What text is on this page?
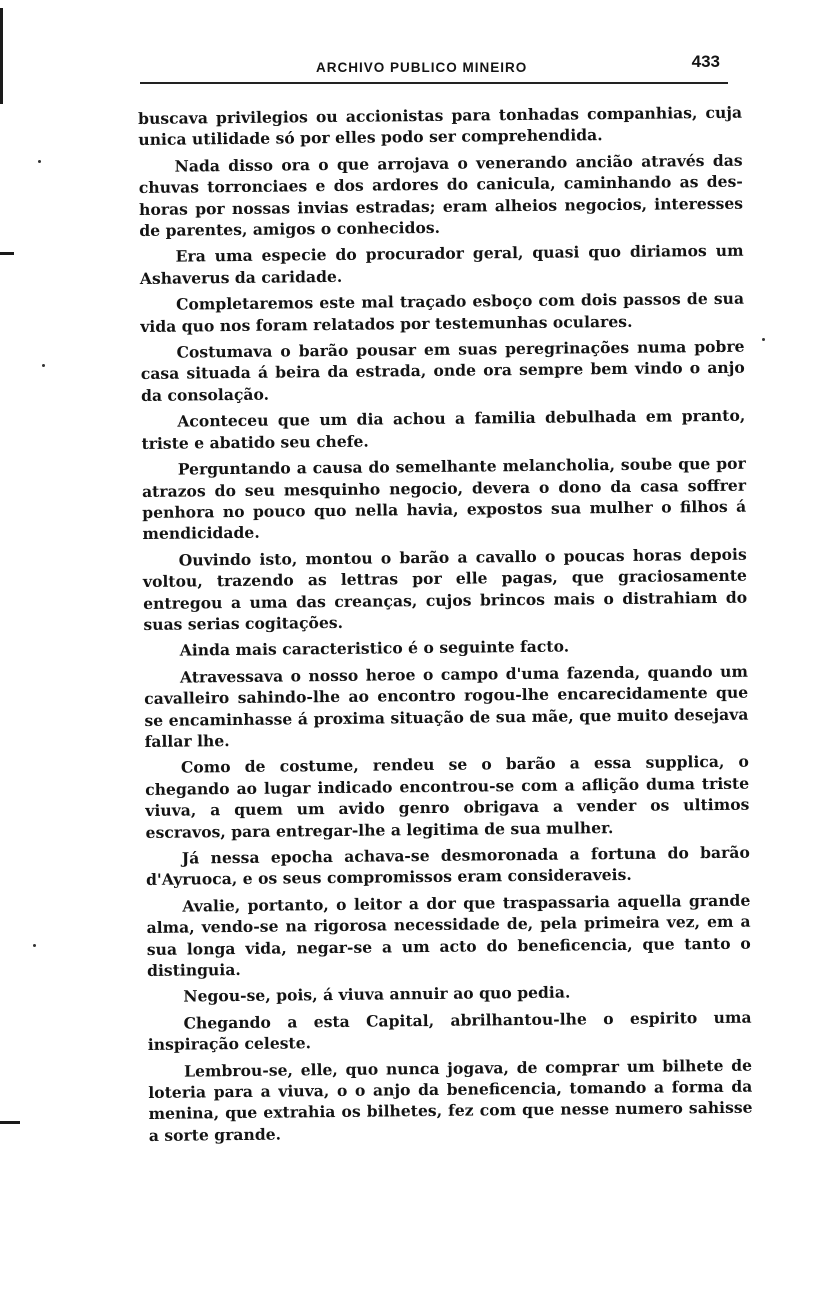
ARCHIVO PUBLICO MINEIRO	433

buscava privilegios ou accionistas para tonhadas companhias, cuja unica utilidade só por elles podo ser comprehendida.

Nada disso ora o que arrojava o venerando ancião através das chuvas torronciaes e dos ardores do canicula, caminhando as des-horas por nossas invias estradas; eram alheios negocios, interesses de parentes, amigos o conhecidos.

Era uma especie do procurador geral, quasi quo diriamos um Ashaverus da caridade.

Completaremos este mal traçado esboço com dois passos de sua vida quo nos foram relatados por testemunhas oculares.

Costumava o barão pousar em suas peregrinações numa pobre casa situada á beira da estrada, onde ora sempre bem vindo o anjo da consolação.

Aconteceu que um dia achou a familia debulhada em pranto, triste e abatido seu chefe.

Perguntando a causa do semelhante melancholia, soube que por atrazos do seu mesquinho negocio, devera o dono da casa soffrer penhora no pouco quo nella havia, expostos sua mulher o filhos á mendicidade.

Ouvindo isto, montou o barão a cavallo o poucas horas depois voltou, trazendo as lettras por elle pagas, que graciosamente entregou a uma das creanças, cujos brincos mais o distrahiam do suas serias cogitações.

Ainda mais caracteristico é o seguinte facto.

Atravessava o nosso heroe o campo d'uma fazenda, quando um cavalleiro sahindo-lhe ao encontro rogou-lhe encarecidamente que se encaminhasse á proxima situação de sua mãe, que muito desejava fallar lhe.

Como de costume, rendeu se o barão a essa supplica, o chegando ao lugar indicado encontrou-se com a aflição duma triste viuva, a quem um avido genro obrigava a vender os ultimos escravos, para entregar-lhe a legitima de sua mulher.

Já nessa epocha achava-se desmoronada a fortuna do barão d'Ayruoca, e os seus compromissos eram consideraveis.

Avalie, portanto, o leitor a dor que traspassaria aquella grande alma, vendo-se na rigorosa necessidade de, pela primeira vez, em a sua longa vida, negar-se a um acto do beneficencia, que tanto o distinguia.

Negou-se, pois, á viuva annuir ao quo pedia.

Chegando a esta Capital, abrilhantou-lhe o espirito uma inspiração celeste.

Lembrou-se, elle, quo nunca jogava, de comprar um bilhete de loteria para a viuva, o o anjo da beneficencia, tomando a forma da menina, que extrahia os bilhetes, fez com que nesse numero sahisse a sorte grande.
